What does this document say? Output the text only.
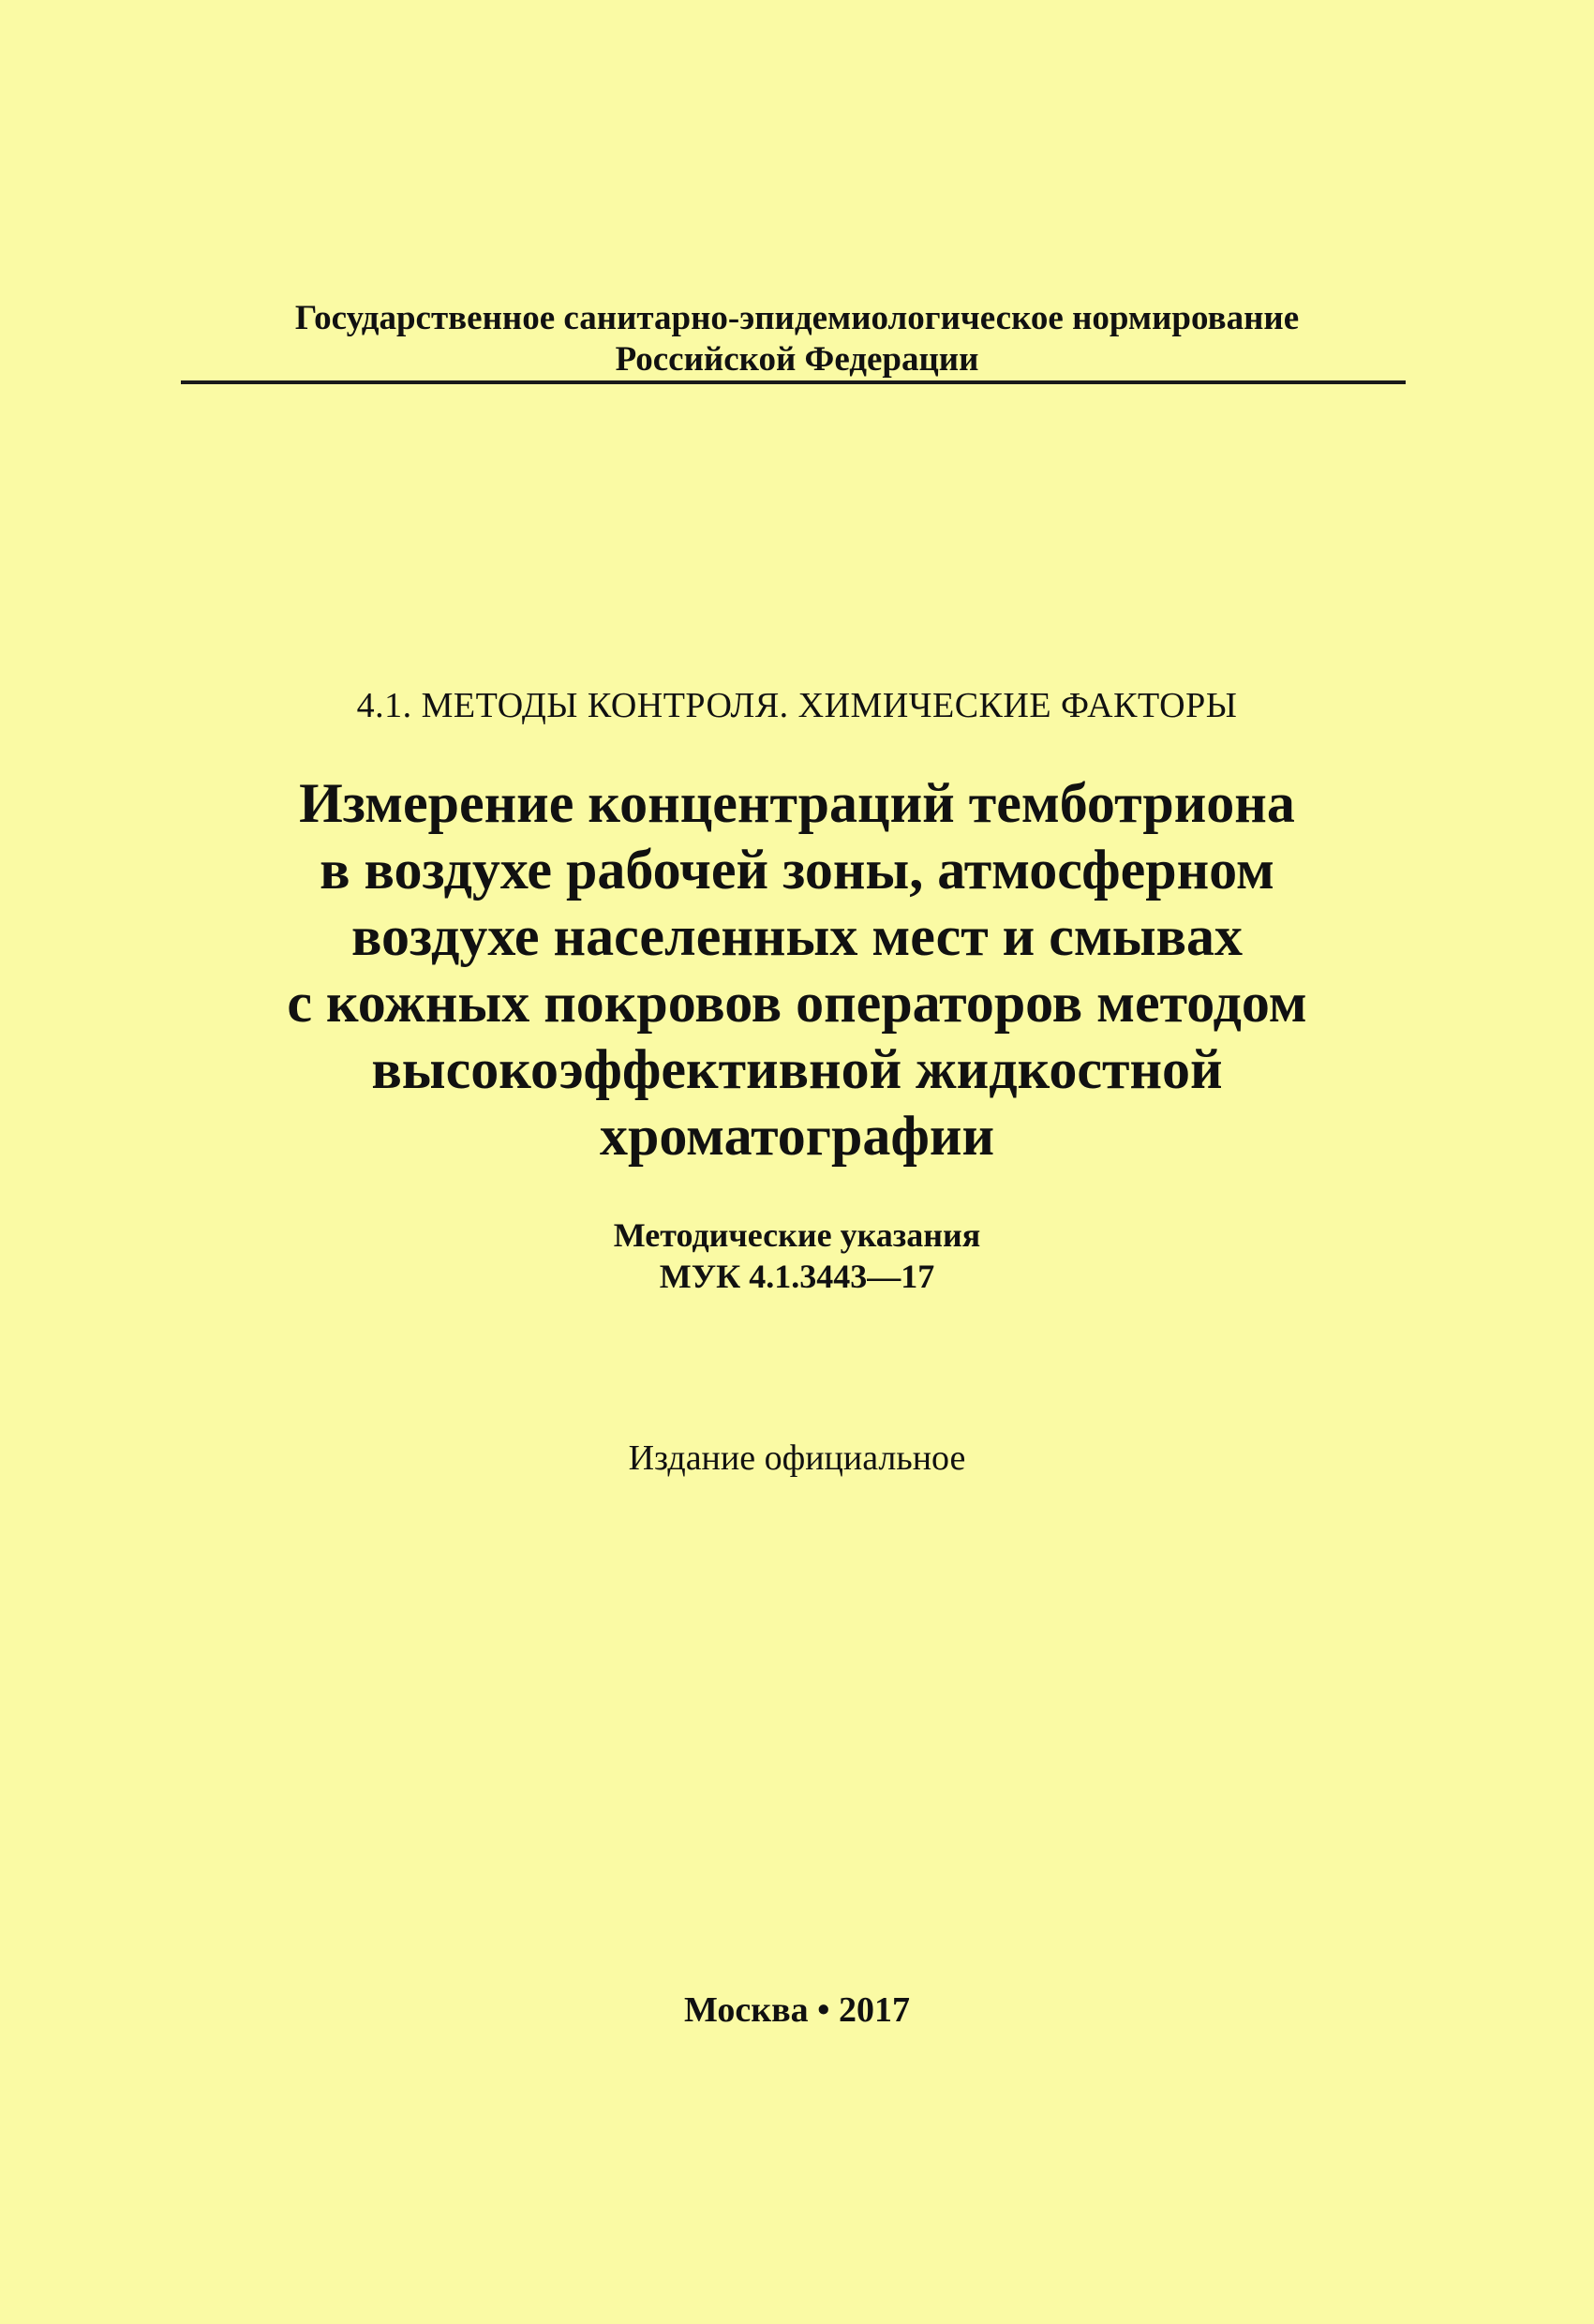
Государственное санитарно-эпидемиологическое нормирование

Российской Федерации

4.1. МЕТОДЫ КОНТРОЛЯ. ХИМИЧЕСКИЕ ФАКТОРЫ

Измерение концентраций темботриона

в воздухе рабочей зоны, атмосферном

воздухе населенных мест и смывах

с кожных покровов операторов методом

высокоэффективной жидкостной

хроматографии

Методические указания

МУК 4.1.3443—17

Издание официальное
Москва • 2017
